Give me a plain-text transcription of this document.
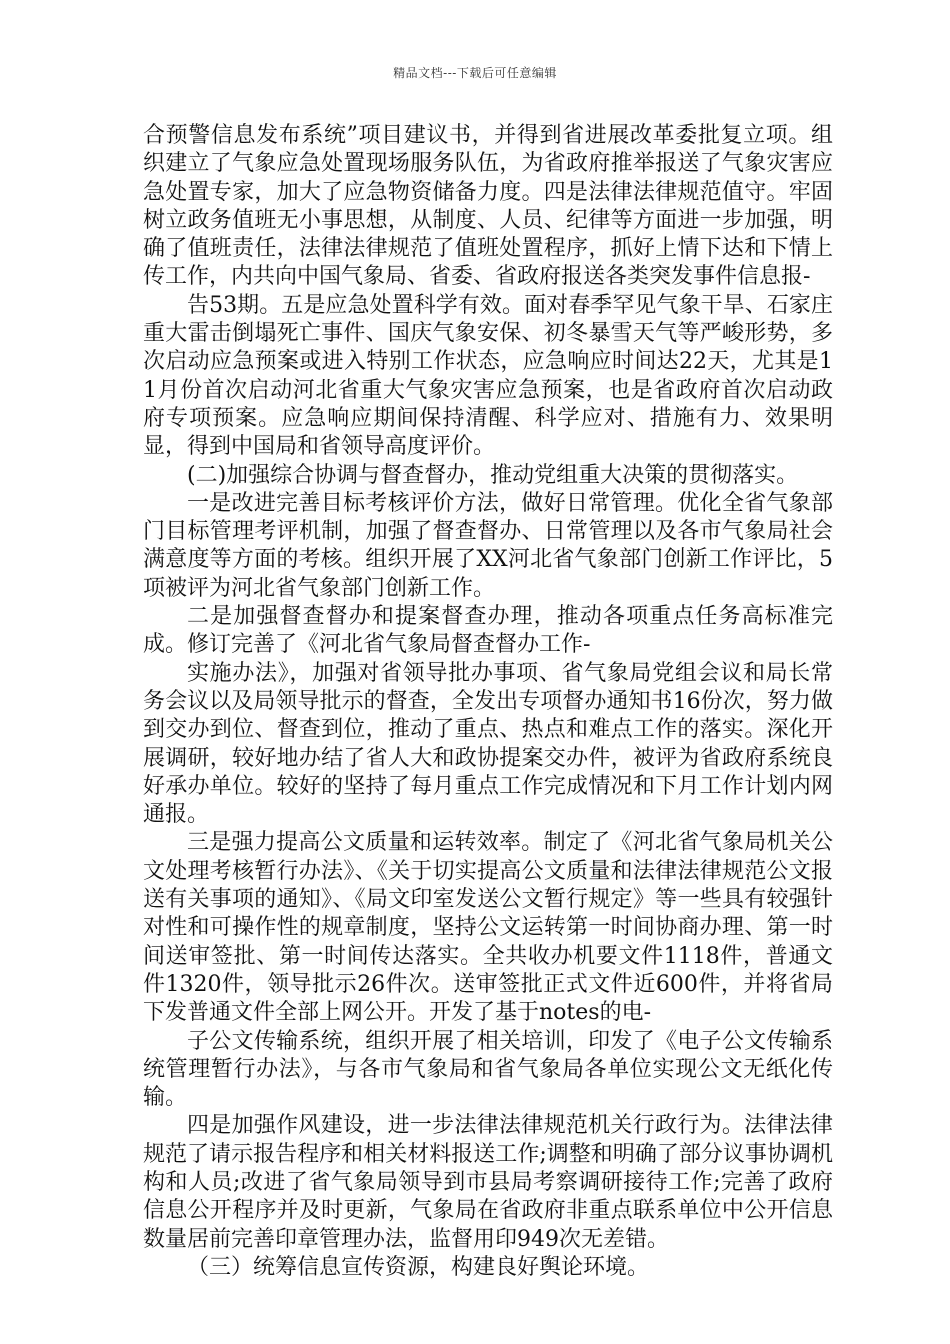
精品文档---下载后可任意编辑

合预警信息发布系统”项目建议书，并得到省进展改革委批复立项。组织建立了气象应急处置现场服务队伍，为省政府推举报送了气象灾害应急处置专家，加大了应急物资储备力度。四是法律法律规范值守。牢固树立政务值班无小事思想，从制度、人员、纪律等方面进一步加强，明确了值班责任，法律法律规范了值班处置程序，抓好上情下达和下情上传工作，内共向中国气象局、省委、省政府报送各类突发事件信息报-

告53期。五是应急处置科学有效。面对春季罕见气象干旱、石家庄重大雷击倒塌死亡事件、国庆气象安保、初冬暴雪天气等严峻形势，多次启动应急预案或进入特别工作状态，应急响应时间达22天，尤其是11月份首次启动河北省重大气象灾害应急预案，也是省政府首次启动政府专项预案。应急响应期间保持清醒、科学应对、措施有力、效果明显，得到中国局和省领导高度评价。

(二)加强综合协调与督查督办，推动党组重大决策的贯彻落实。

一是改进完善目标考核评价方法，做好日常管理。优化全省气象部门目标管理考评机制，加强了督查督办、日常管理以及各市气象局社会满意度等方面的考核。组织开展了XX河北省气象部门创新工作评比，5项被评为河北省气象部门创新工作。

二是加强督查督办和提案督查办理，推动各项重点任务高标准完成。修订完善了《河北省气象局督查督办工作-

实施办法》，加强对省领导批办事项、省气象局党组会议和局长常务会议以及局领导批示的督查，全发出专项督办通知书16份次，努力做到交办到位、督查到位，推动了重点、热点和难点工作的落实。深化开展调研，较好地办结了省人大和政协提案交办件，被评为省政府系统良好承办单位。较好的坚持了每月重点工作完成情况和下月工作计划内网通报。

三是强力提高公文质量和运转效率。制定了《河北省气象局机关公文处理考核暂行办法》、《关于切实提高公文质量和法律法律规范公文报送有关事项的通知》、《局文印室发送公文暂行规定》等一些具有较强针对性和可操作性的规章制度，坚持公文运转第一时间协商办理、第一时间送审签批、第一时间传达落实。全共收办机要文件1118件，普通文件1320件，领导批示26件次。送审签批正式文件近600件，并将省局下发普通文件全部上网公开。开发了基于notes的电-

子公文传输系统，组织开展了相关培训，印发了《电子公文传输系统管理暂行办法》，与各市气象局和省气象局各单位实现公文无纸化传输。

四是加强作风建设，进一步法律法律规范机关行政行为。法律法律规范了请示报告程序和相关材料报送工作;调整和明确了部分议事协调机构和人员;改进了省气象局领导到市县局考察调研接待工作;完善了政府信息公开程序并及时更新，气象局在省政府非重点联系单位中公开信息数量居前完善印章管理办法，监督用印949次无差错。

（三）统筹信息宣传资源，构建良好舆论环境。
